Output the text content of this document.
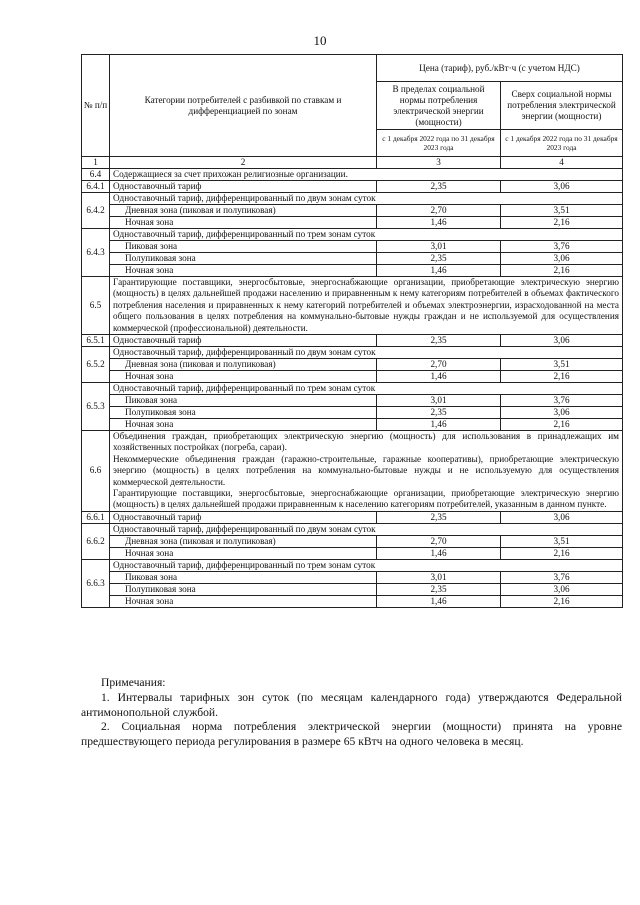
10
№ п/п	Категории потребителей с разбивкой по ставкам и дифференциацией по зонам	Цена (тариф), руб./кВт·ч (с учетом НДС)	
		В пределах социальной нормы потребления электрической энергии (мощности)	Сверх социальной нормы потребления электрической энергии (мощности)
		с 1 декабря 2022 года по 31 декабря 2023 года	с 1 декабря 2022 года по 31 декабря 2023 года
1	2	3	4
6.4	Содержащиеся за счет прихожан религиозные организации.		
6.4.1	Одноставочный тариф	2,35	3,06
6.4.2	Одноставочный тариф, дифференцированный по двум зонам суток		
	Дневная зона (пиковая и полупиковая)	2,70	3,51
	Ночная зона	1,46	2,16
6.4.3	Одноставочный тариф, дифференцированный по трем зонам суток		
	Пиковая зона	3,01	3,76
	Полупиковая зона	2,35	3,06
	Ночная зона	1,46	2,16
6.5	Гарантирующие поставщики, энергосбытовые, энергоснабжающие организации, приобретающие электрическую энергию (мощность) в целях дальнейшей продажи населению и приравненным к нему категориям потребителей в объемах фактического потребления населения и приравненных к нему категорий потребителей и объемах электроэнергии, израсходованной на места общего пользования в целях потребления на коммунально-бытовые нужды граждан и не используемой для осуществления коммерческой (профессиональной) деятельности.		
6.5.1	Одноставочный тариф	2,35	3,06
6.5.2	Одноставочный тариф, дифференцированный по двум зонам суток		
	Дневная зона (пиковая и полупиковая)	2,70	3,51
	Ночная зона	1,46	2,16
6.5.3	Одноставочный тариф, дифференцированный по трем зонам суток		
	Пиковая зона	3,01	3,76
	Полупиковая зона	2,35	3,06
	Ночная зона	1,46	2,16
6.6	Объединения граждан, приобретающих электрическую энергию (мощность) для использования в принадлежащих им хозяйственных постройках (погреба, сараи).

Некоммерческие объединения граждан (гаражно-строительные, гаражные кооперативы), приобретающие электрическую энергию (мощность) в целях потребления на коммунально-бытовые нужды и не используемую для осуществления коммерческой деятельности.

Гарантирующие поставщики, энергосбытовые, энергоснабжающие организации, приобретающие электрическую энергию (мощность) в целях дальнейшей продажи приравненным к населению категориям потребителей, указанным в данном пункте.		

6.6.1	Одноставочный тариф	2,35	3,06
6.6.2	Одноставочный тариф, дифференцированный по двум зонам суток		
	Дневная зона (пиковая и полупиковая)	2,70	3,51
	Ночная зона	1,46	2,16
6.6.3	Одноставочный тариф, дифференцированный по трем зонам суток		
	Пиковая зона	3,01	3,76
	Полупиковая зона	2,35	3,06
	Ночная зона	1,46	2,16

Примечания:

1. Интервалы тарифных зон суток (по месяцам календарного года) утверждаются Федеральной антимонопольной службой.

2. Социальная норма потребления электрической энергии (мощности) принята на уровне предшествующего периода регулирования в размере 65 кВтч на одного человека в месяц.
